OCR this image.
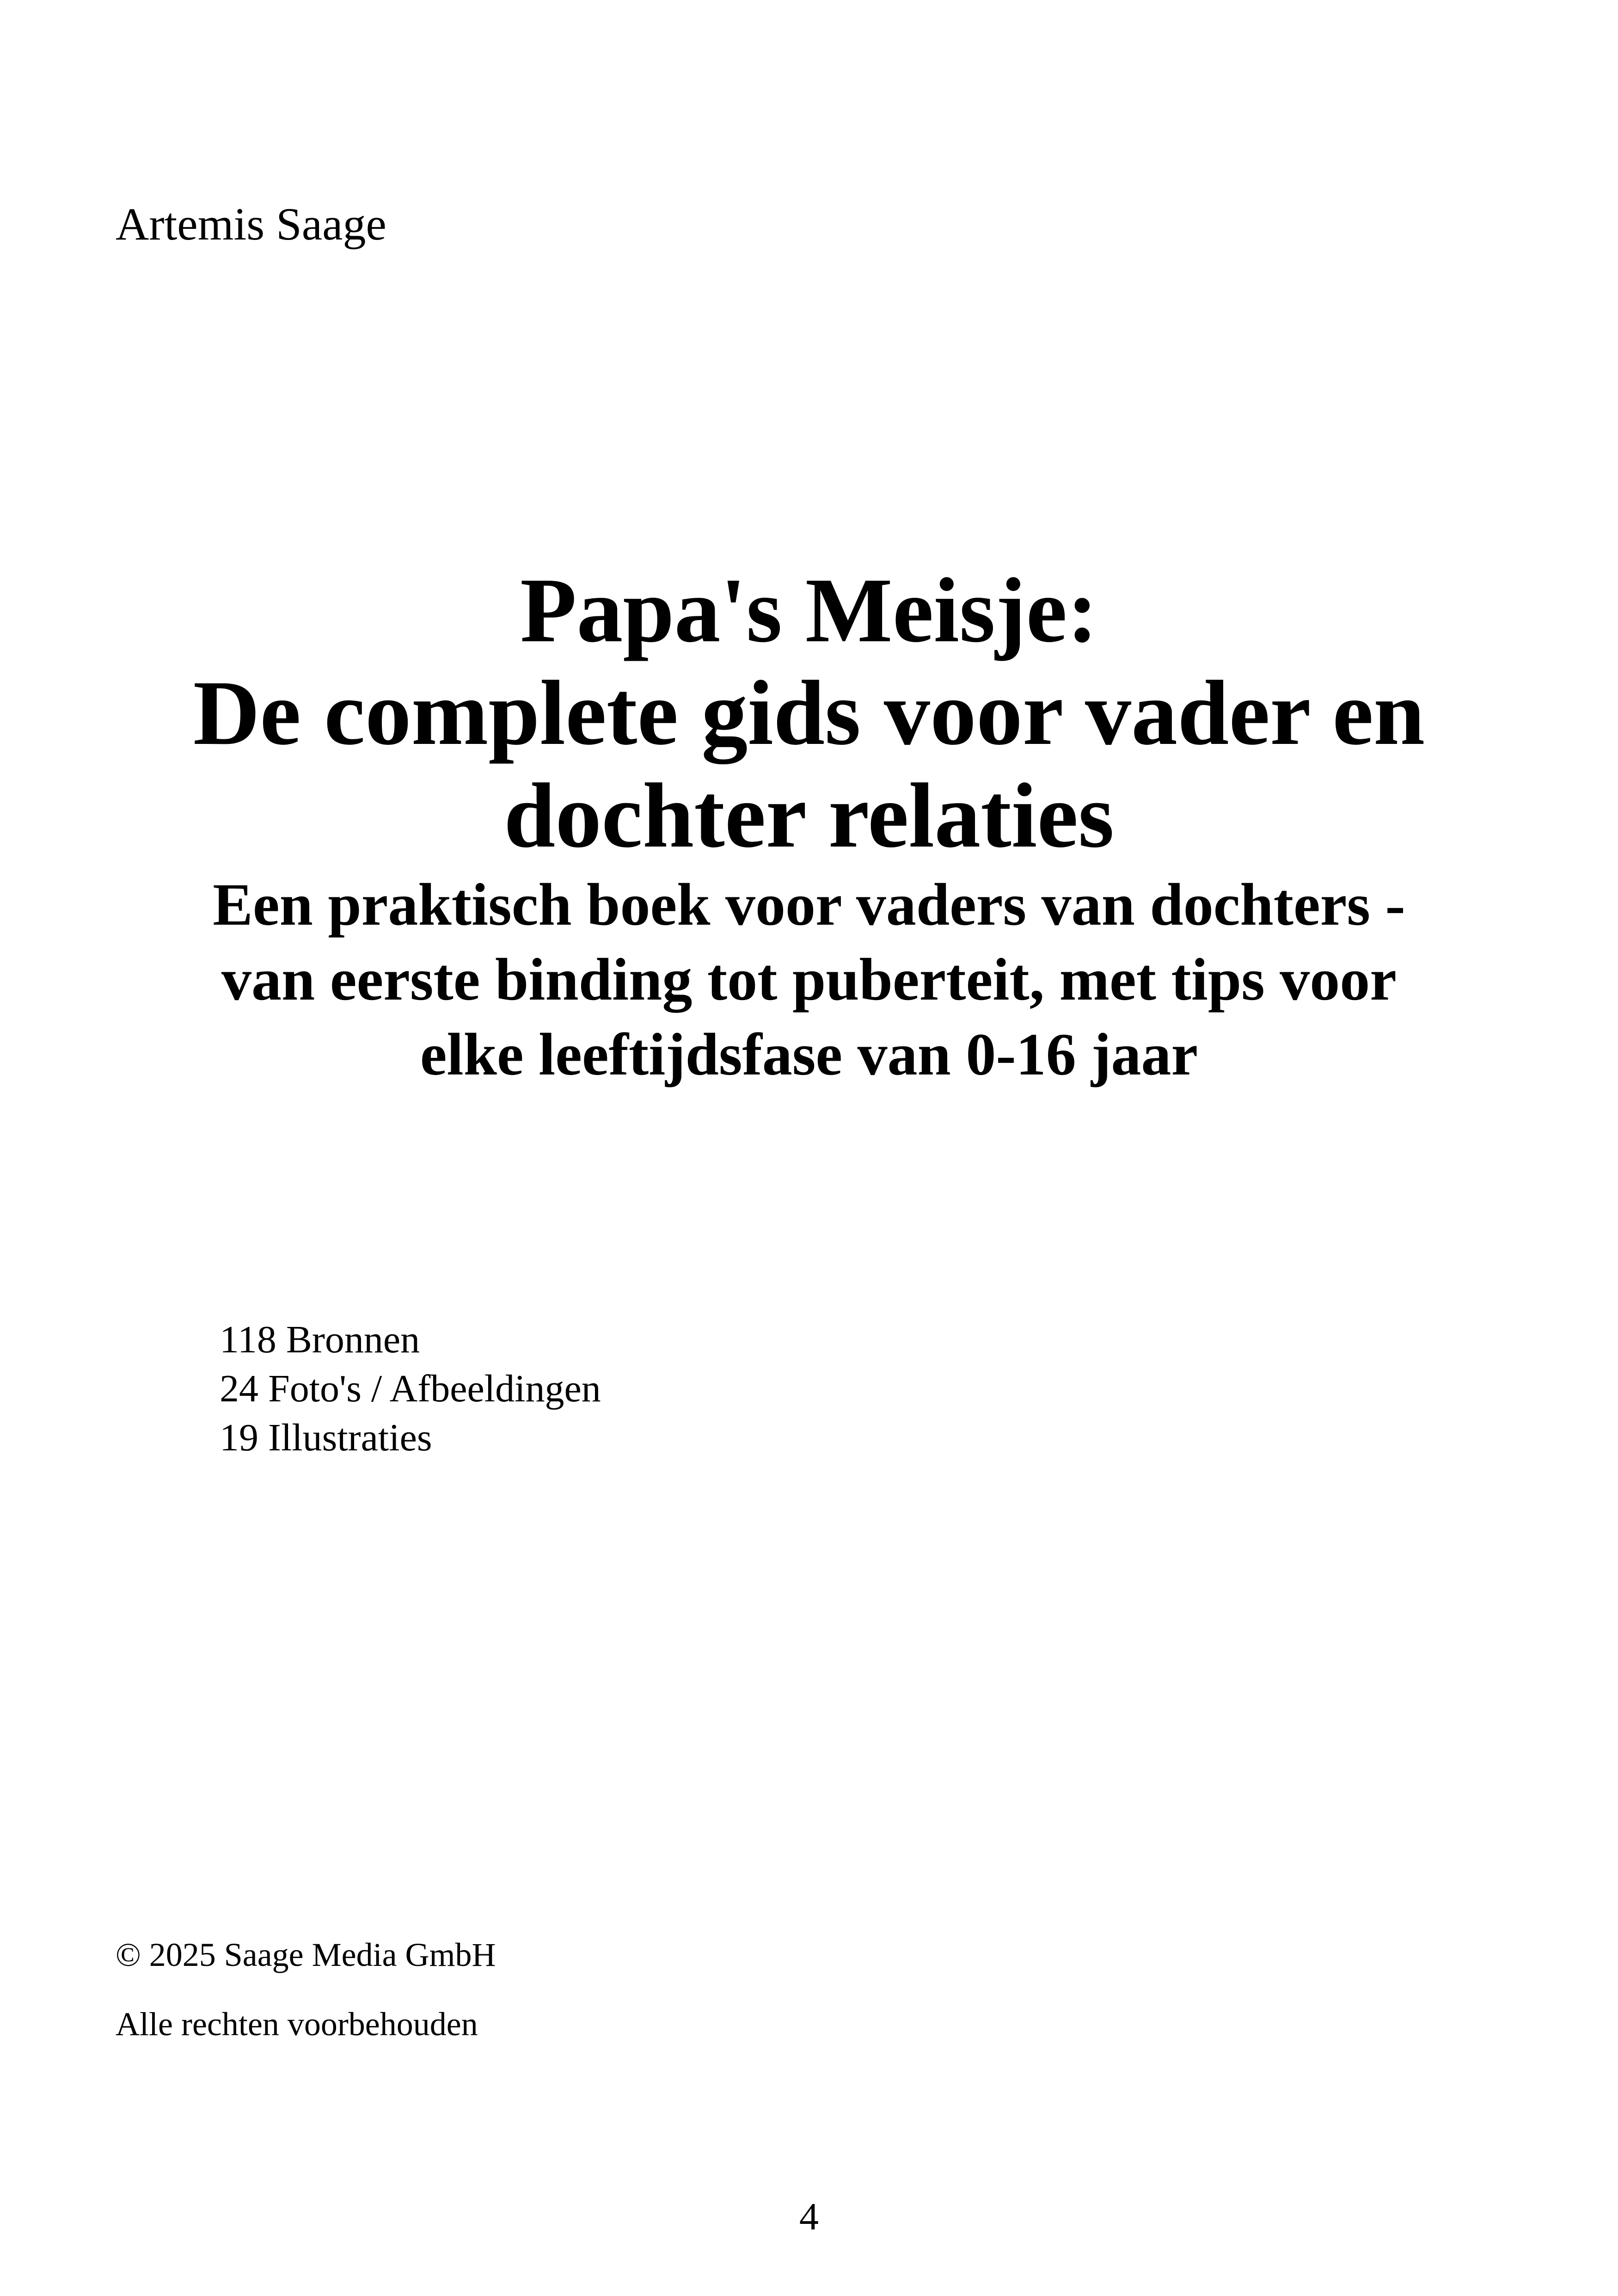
Artemis Saage
Papa's Meisje:
De complete gids voor vader en
dochter relaties
Een praktisch boek voor vaders van dochters -
van eerste binding tot puberteit, met tips voor
elke leeftijdsfase van 0-16 jaar
118 Bronnen
24 Foto's / Afbeeldingen
19 Illustraties
© 2025 Saage Media GmbH
Alle rechten voorbehouden
4
